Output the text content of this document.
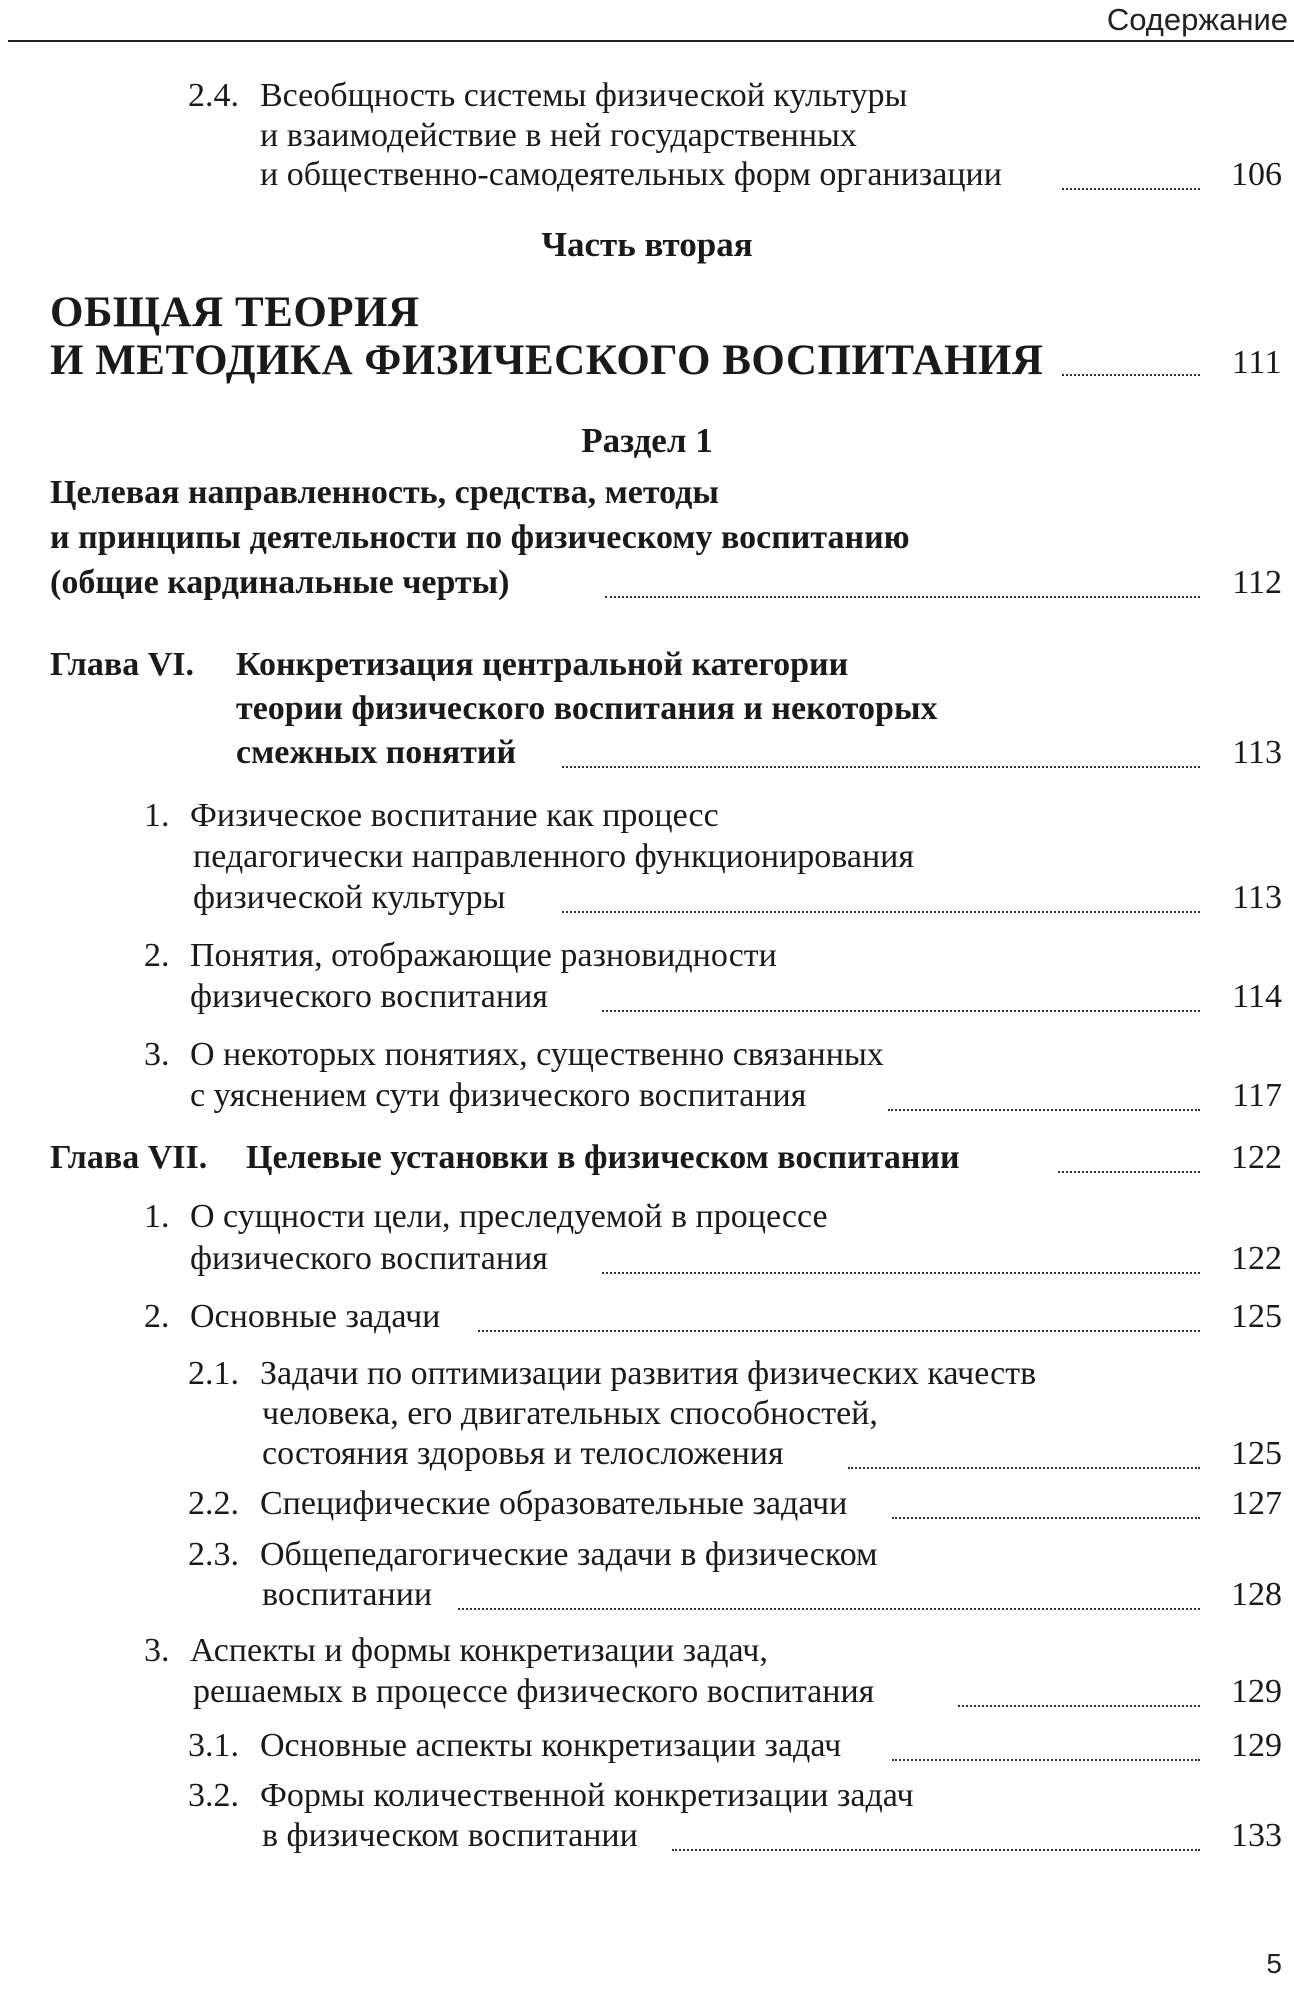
Содержание
2.4. Всеобщность системы физической культуры
и взаимодействие в ней государственных
и общественно-самодеятельных форм организации	106
Часть вторая
ОБЩАЯ ТЕОРИЯ
И МЕТОДИКА ФИЗИЧЕСКОГО ВОСПИТАНИЯ	111
Раздел 1
Целевая направленность, средства, методы
и принципы деятельности по физическому воспитанию
(общие кардинальные черты)	112
Глава VI. Конкретизация центральной категории
теории физического воспитания и некоторых
смежных понятий	113
1. Физическое воспитание как процесс
педагогически направленного функционирования
физической культуры	113
2. Понятия, отображающие разновидности
физического воспитания	114
3. О некоторых понятиях, существенно связанных
с уяснением сути физического воспитания	117
Глава VII. Целевые установки в физическом воспитании	122
1. О сущности цели, преследуемой в процессе
физического воспитания	122
2. Основные задачи	125
2.1. Задачи по оптимизации развития физических качеств
человека, его двигательных способностей,
состояния здоровья и телосложения	125
2.2. Специфические образовательные задачи	127
2.3. Общепедагогические задачи в физическом
воспитании	128
3. Аспекты и формы конкретизации задач,
решаемых в процессе физического воспитания	129
3.1. Основные аспекты конкретизации задач	129
3.2. Формы количественной конкретизации задач
в физическом воспитании	133
5
